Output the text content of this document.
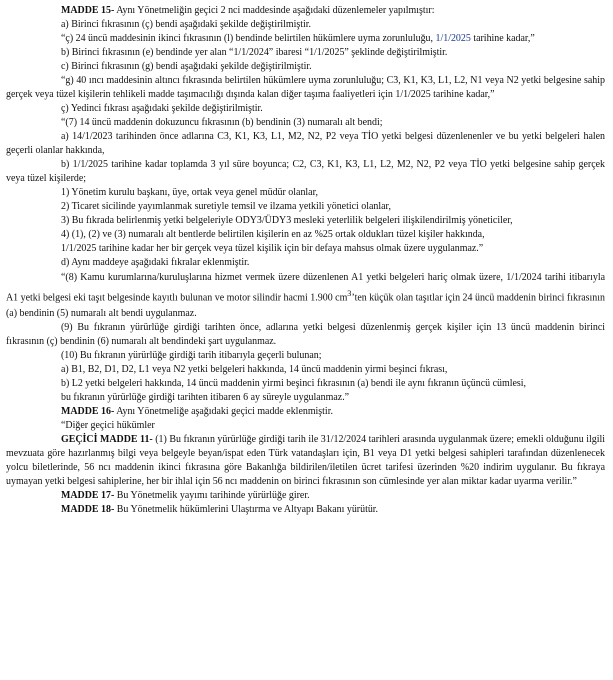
MADDE 15- Aynı Yönetmeliğin geçici 2 nci maddesinde aşağıdaki düzenlemeler yapılmıştır:

a) Birinci fıkrasının (ç) bendi aşağıdaki şekilde değiştirilmiştir.

“ç) 24 üncü maddesinin ikinci fıkrasının (l) bendinde belirtilen hükümlere uyma zorunluluğu, 1/1/2025 tarihine kadar,”

b) Birinci fıkrasının (e) bendinde yer alan “1/1/2024” ibaresi “1/1/2025” şeklinde değiştirilmiştir.

c) Birinci fıkrasının (g) bendi aşağıdaki şekilde değiştirilmiştir.

“g) 40 ıncı maddesinin altıncı fıkrasında belirtilen hükümlere uyma zorunluluğu; C3, K1, K3, L1, L2, N1 veya N2 yetki belgesine sahip gerçek veya tüzel kişilerin tehlikeli madde taşımacılığı dışında kalan diğer taşıma faaliyetleri için 1/1/2025 tarihine kadar,”

ç) Yedinci fıkrası aşağıdaki şekilde değiştirilmiştir.

“(7) 14 üncü maddenin dokuzuncu fıkrasının (b) bendinin (3) numaralı alt bendi;

a) 14/1/2023 tarihinden önce adlarına C3, K1, K3, L1, M2, N2, P2 veya TİO yetki belgesi düzenlenenler ve bu yetki belgeleri halen geçerli olanlar hakkında,

b) 1/1/2025 tarihine kadar toplamda 3 yıl süre boyunca; C2, C3, K1, K3, L1, L2, M2, N2, P2 veya TİO yetki belgesine sahip gerçek veya tüzel kişilerde;

1) Yönetim kurulu başkanı, üye, ortak veya genel müdür olanlar,

2) Ticaret sicilinde yayımlanmak suretiyle temsil ve ilzama yetkili yönetici olanlar,

3) Bu fıkrada belirlenmiş yetki belgeleriyle ODY3/ÜDY3 mesleki yeterlilik belgeleri ilişkilendirilmiş yöneticiler,

4) (1), (2) ve (3) numaralı alt bentlerde belirtilen kişilerin en az %25 ortak oldukları tüzel kişiler hakkında,

1/1/2025 tarihine kadar her bir gerçek veya tüzel kişilik için bir defaya mahsus olmak üzere uygulanmaz.”

d) Aynı maddeye aşağıdaki fıkralar eklenmiştir.

“(8) Kamu kurumlarına/kuruluşlarına hizmet vermek üzere düzenlenen A1 yetki belgeleri hariç olmak üzere, 1/1/2024 tarihi itibarıyla A1 yetki belgesi eki taşıt belgesinde kayıtlı bulunan ve motor silindir hacmi 1.900 $cm^3’ten$ küçük olan taşıtlar için 24 üncü maddenin birinci fıkrasının (a) bendinin (5) numaralı alt bendi uygulanmaz.

(9) Bu fıkranın yürürlüğe girdiği tarihten önce, adlarına yetki belgesi düzenlenmiş gerçek kişiler için 13 üncü maddenin birinci fıkrasının (ç) bendinin (6) numaralı alt bendindeki şart uygulanmaz.

(10) Bu fıkranın yürürlüğe girdiği tarih itibarıyla geçerli bulunan;

a) B1, B2, D1, D2, L1 veya N2 yetki belgeleri hakkında, 14 üncü maddenin yirmi beşinci fıkrası,

b) L2 yetki belgeleri hakkında, 14 üncü maddenin yirmi beşinci fıkrasının (a) bendi ile aynı fıkranın üçüncü cümlesi,

bu fıkranın yürürlüğe girdiği tarihten itibaren 6 ay süreyle uygulanmaz.”

MADDE 16- Aynı Yönetmeliğe aşağıdaki geçici madde eklenmiştir.

“Diğer geçici hükümler

GEÇİCİ MADDE 11- (1) Bu fıkranın yürürlüğe girdiği tarih ile 31/12/2024 tarihleri arasında uygulanmak üzere; emekli olduğunu ilgili mevzuata göre hazırlanmış bilgi veya belgeyle beyan/ispat eden Türk vatandaşları için, B1 veya D1 yetki belgesi sahipleri tarafından düzenlenecek yolcu biletlerinde, 56 ncı maddenin ikinci fıkrasına göre Bakanlığa bildirilen/iletilen ücret tarifesi üzerinden %20 indirim uygulanır. Bu fıkraya uymayan yetki belgesi sahiplerine, her bir ihlal için 56 ncı maddenin on birinci fıkrasının son cümlesinde yer alan miktar kadar uyarma verilir.”

MADDE 17- Bu Yönetmelik yayımı tarihinde yürürlüğe girer.

MADDE 18- Bu Yönetmelik hükümlerini Ulaştırma ve Altyapı Bakanı yürütür.
